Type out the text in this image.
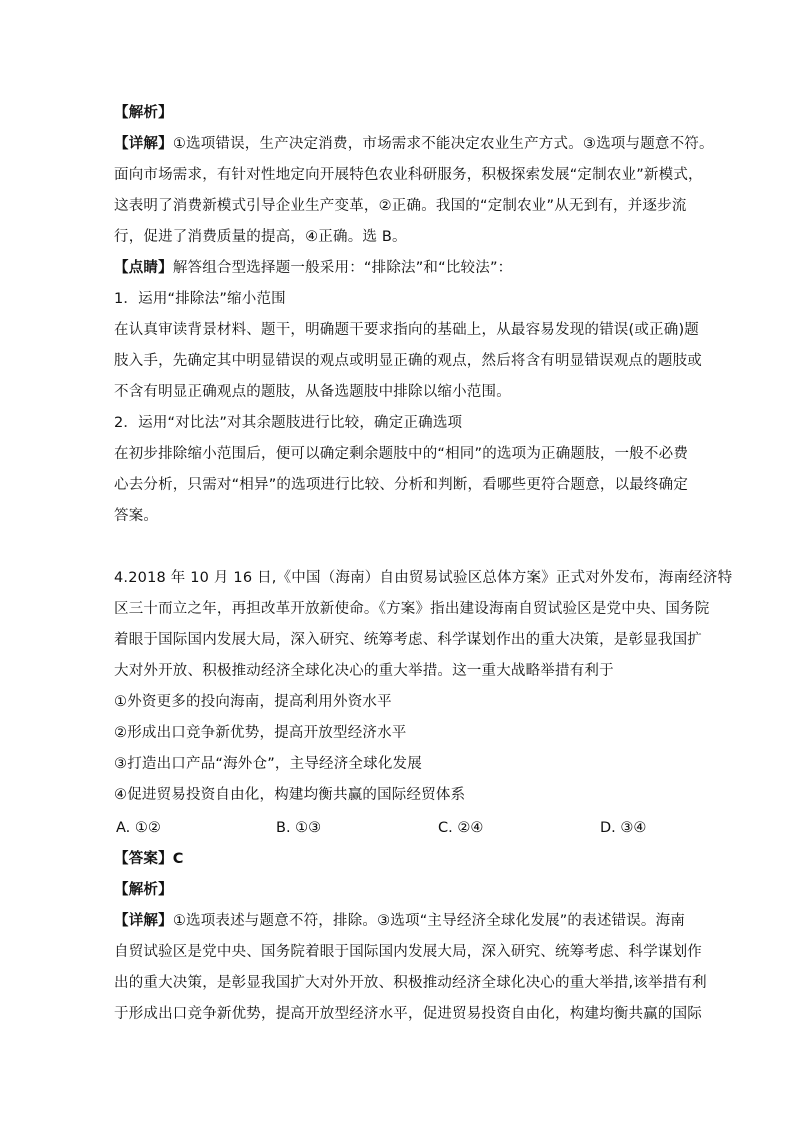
【解析】
【详解】①选项错误，生产决定消费，市场需求不能决定农业生产方式。③选项与题意不符。
面向市场需求，有针对性地定向开展特色农业科研服务，积极探索发展“定制农业”新模式，
这表明了消费新模式引导企业生产变革，②正确。我国的“定制农业”从无到有，并逐步流
行，促进了消费质量的提高，④正确。选 B。
【点睛】解答组合型选择题一般采用：“排除法”和“比较法”：
1．运用“排除法”缩小范围
在认真审读背景材料、题干，明确题干要求指向的基础上，从最容易发现的错误(或正确)题
肢入手，先确定其中明显错误的观点或明显正确的观点，然后将含有明显错误观点的题肢或
不含有明显正确观点的题肢，从备选题肢中排除以缩小范围。
2．运用“对比法”对其余题肢进行比较，确定正确选项
在初步排除缩小范围后，便可以确定剩余题肢中的“相同”的选项为正确题肢，一般不必费
心去分析，只需对“相异”的选项进行比较、分析和判断，看哪些更符合题意，以最终确定
答案。
4.2018 年 10 月 16 日,《中国（海南）自由贸易试验区总体方案》正式对外发布，海南经济特
区三十而立之年，再担改革开放新使命。《方案》指出建设海南自贸试验区是党中央、国务院
着眼于国际国内发展大局，深入研究、统筹考虑、科学谋划作出的重大决策，是彰显我国扩
大对外开放、积极推动经济全球化决心的重大举措。这一重大战略举措有利于
①外资更多的投向海南，提高利用外资水平
②形成出口竞争新优势，提高开放型经济水平
③打造出口产品“海外仓”，主导经济全球化发展
④促进贸易投资自由化，构建均衡共赢的国际经贸体系
A. ①②	B. ①③	C. ②④	D. ③④
【答案】C
【解析】
【详解】①选项表述与题意不符，排除。③选项“主导经济全球化发展”的表述错误。海南
自贸试验区是党中央、国务院着眼于国际国内发展大局，深入研究、统筹考虑、科学谋划作
出的重大决策，是彰显我国扩大对外开放、积极推动经济全球化决心的重大举措,该举措有利
于形成出口竞争新优势，提高开放型经济水平，促进贸易投资自由化，构建均衡共赢的国际
